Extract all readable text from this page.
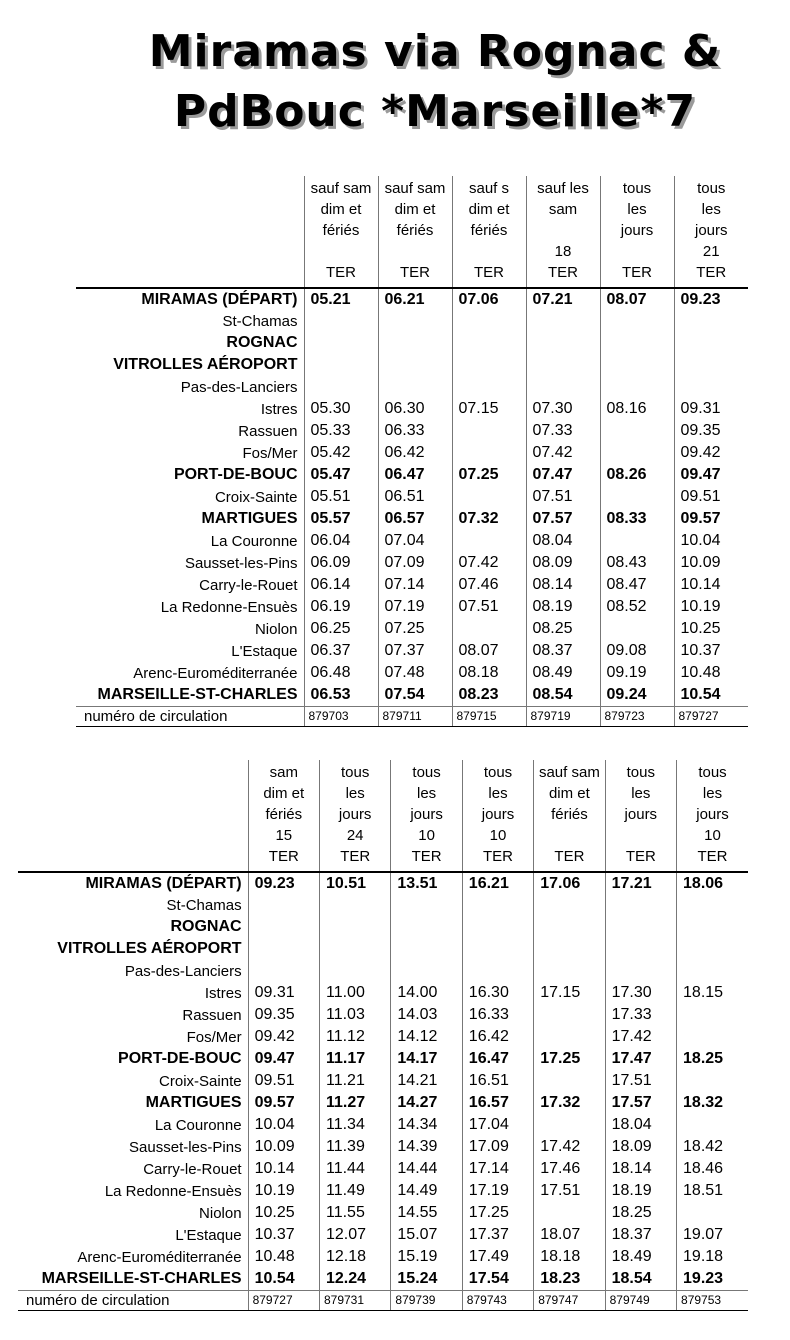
Miramas via Rognac &
PdBouc *Marseille*7
	sauf sam
dim et
fériés

TER	sauf sam
dim et
fériés

TER	sauf s
dim et
fériés

TER	sauf les
sam

18
TER	tous
les
jours

TER	tous
les
jours
21
TER
MIRAMAS (DÉPART)	05.21	06.21	07.06	07.21	08.07	09.23
St-Chamas						
ROGNAC						
VITROLLES AÉROPORT						
Pas-des-Lanciers						
Istres	05.30	06.30	07.15	07.30	08.16	09.31
Rassuen	05.33	06.33		07.33		09.35
Fos/Mer	05.42	06.42		07.42		09.42
PORT-DE-BOUC	05.47	06.47	07.25	07.47	08.26	09.47
Croix-Sainte	05.51	06.51		07.51		09.51
MARTIGUES	05.57	06.57	07.32	07.57	08.33	09.57
La Couronne	06.04	07.04		08.04		10.04
Sausset-les-Pins	06.09	07.09	07.42	08.09	08.43	10.09
Carry-le-Rouet	06.14	07.14	07.46	08.14	08.47	10.14
La Redonne-Ensuès	06.19	07.19	07.51	08.19	08.52	10.19
Niolon	06.25	07.25		08.25		10.25
L'Estaque	06.37	07.37	08.07	08.37	09.08	10.37
Arenc-Euroméditerranée	06.48	07.48	08.18	08.49	09.19	10.48
MARSEILLE-ST-CHARLES	06.53	07.54	08.23	08.54	09.24	10.54
numéro de circulation	879703	879711	879715	879719	879723	879727
	sam
dim et
fériés
15
TER	tous
les
jours
24
TER	tous
les
jours
10
TER	tous
les
jours
10
TER	sauf sam
dim et
fériés

TER	tous
les
jours

TER	tous
les
jours
10
TER
MIRAMAS (DÉPART)	09.23	10.51	13.51	16.21	17.06	17.21	18.06
St-Chamas							
ROGNAC							
VITROLLES AÉROPORT							
Pas-des-Lanciers							
Istres	09.31	11.00	14.00	16.30	17.15	17.30	18.15
Rassuen	09.35	11.03	14.03	16.33		17.33	
Fos/Mer	09.42	11.12	14.12	16.42		17.42	
PORT-DE-BOUC	09.47	11.17	14.17	16.47	17.25	17.47	18.25
Croix-Sainte	09.51	11.21	14.21	16.51		17.51	
MARTIGUES	09.57	11.27	14.27	16.57	17.32	17.57	18.32
La Couronne	10.04	11.34	14.34	17.04		18.04	
Sausset-les-Pins	10.09	11.39	14.39	17.09	17.42	18.09	18.42
Carry-le-Rouet	10.14	11.44	14.44	17.14	17.46	18.14	18.46
La Redonne-Ensuès	10.19	11.49	14.49	17.19	17.51	18.19	18.51
Niolon	10.25	11.55	14.55	17.25		18.25	
L'Estaque	10.37	12.07	15.07	17.37	18.07	18.37	19.07
Arenc-Euroméditerranée	10.48	12.18	15.19	17.49	18.18	18.49	19.18
MARSEILLE-ST-CHARLES	10.54	12.24	15.24	17.54	18.23	18.54	19.23
numéro de circulation	879727	879731	879739	879743	879747	879749	879753
